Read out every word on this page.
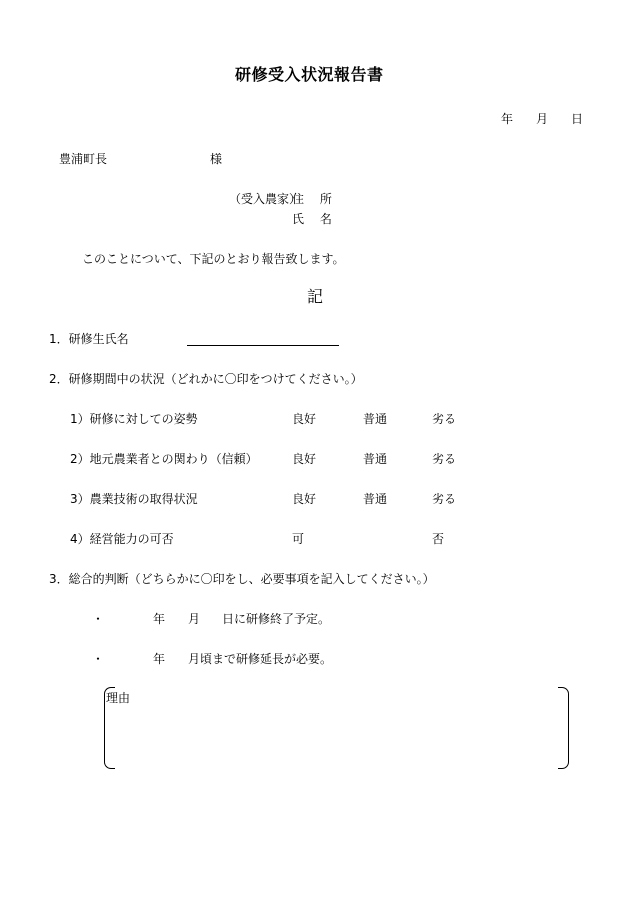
研修受入状況報告書
年 月 日
豊浦町長	様
（受入農家）
住　 所
氏　 名
このことについて、下記のとおり報告致します。
記
1．研修生氏名
2．研修期間中の状況（どれかに〇印をつけてください。）
1）研修に対しての姿勢	良好	普通	劣る
2）地元農業者との関わり（信頼）	良好	普通	劣る
3）農業技術の取得状況	良好	普通	劣る
4）経営能力の可否	可	否
3．総合的判断（どちらかに〇印をし、必要事項を記入してください。）
・	年 月 日に研修終了予定。
・	年 月頃まで研修延長が必要。
理由
